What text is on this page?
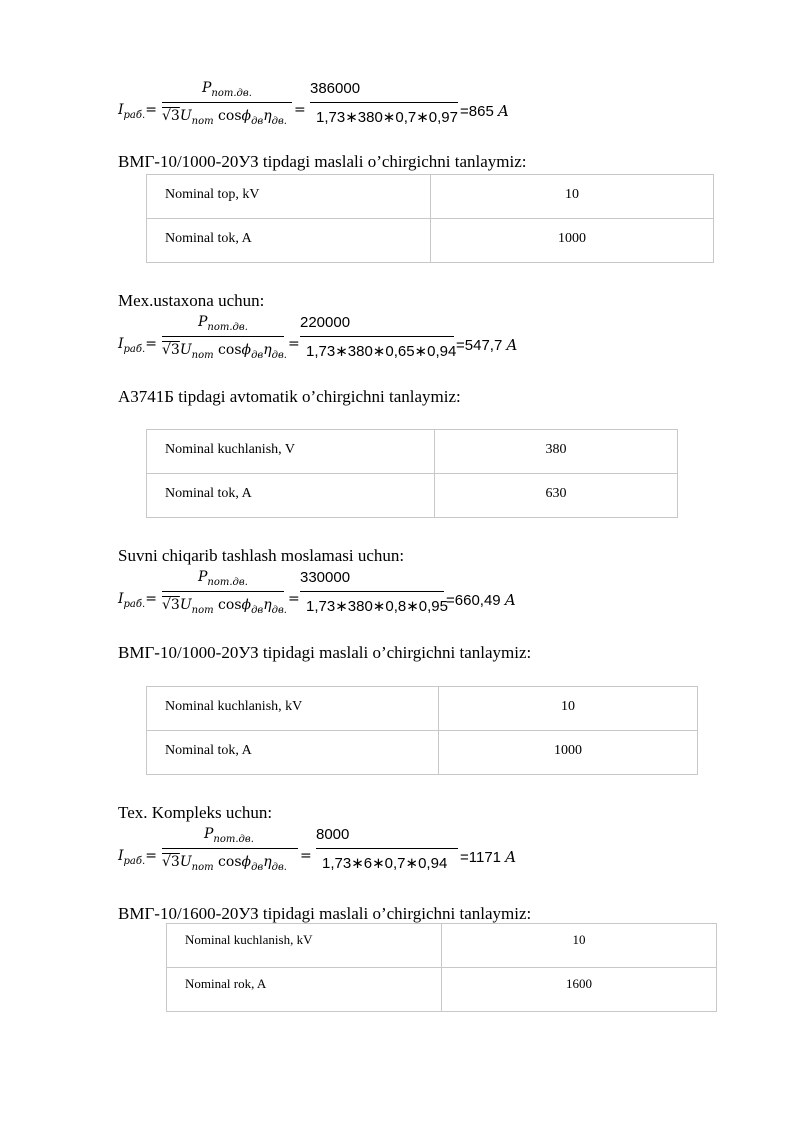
$I_{раб.}=$
$P_{пот.дв.}$
$√3U_{пот}$ $\cos\phi_{дв}\eta_{дв.}$
=
386000
1,73∗380∗0,7∗0,97 =865 A
ВМГ-10/1000-20УЗ tipdagi maslali o’chirgichni tanlaymiz:
Nominal top, kV	10
Nominal tok, A	1000
Mex.ustaxona uchun:
$I_{раб.}=$
$P_{пот.дв.}$
$√3U_{пот}$ $\cos\phi_{дв}\eta_{дв.}$
=
220000
1,73∗380∗0,65∗0,94 =547,7 A
А3741Б tipdagi avtomatik o’chirgichni tanlaymiz:
Nominal kuchlanish, V	380
Nominal tok, A	630
Suvni chiqarib tashlash moslamasi uchun:
$I_{раб.}=$
$P_{пот.дв.}$
$√3U_{пот}$ $\cos\phi_{дв}\eta_{дв.}$
=
330000
1,73∗380∗0,8∗0,95
=660,49 A
ВМГ-10/1000-20УЗ tipidagi maslali o’chirgichni tanlaymiz:
Nominal kuchlanish, kV	10
Nominal tok, A	1000
Tex. Kompleks uchun:
$I_{раб.}=$
$P_{пот.дв.}$
$√3U_{пот}$ $\cos\phi_{дв}\eta_{дв.}$
=
8000
1,73∗6∗0,7∗0,94 =1171 A
ВМГ-10/1600-20УЗ tipidagi maslali o’chirgichni tanlaymiz:
Nominal kuchlanish, kV	10
Nominal rok, A	1600
